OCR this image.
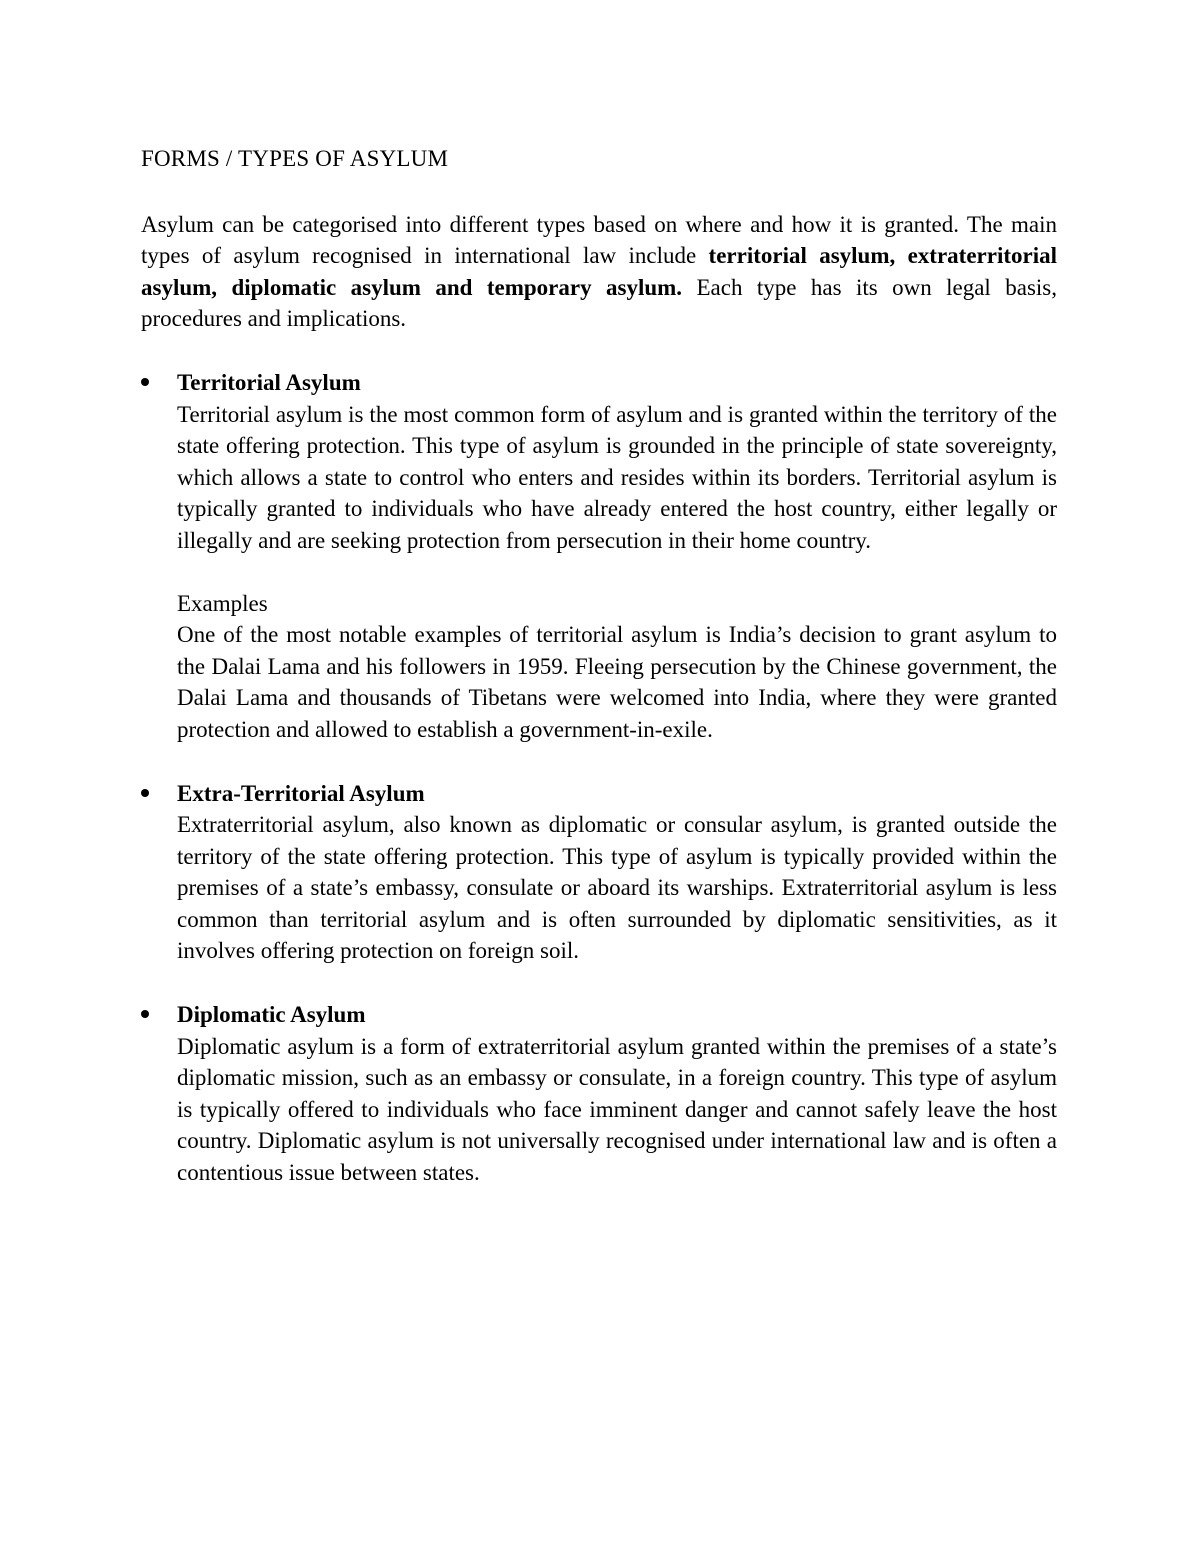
FORMS / TYPES OF ASYLUM

Asylum can be categorised into different types based on where and how it is granted. The main types of asylum recognised in international law include territorial asylum, extraterritorial asylum, diplomatic asylum and temporary asylum. Each type has its own legal basis, procedures and implications.

Territorial Asylum

Territorial asylum is the most common form of asylum and is granted within the territory of the state offering protection. This type of asylum is grounded in the principle of state sovereignty, which allows a state to control who enters and resides within its borders. Territorial asylum is typically granted to individuals who have already entered the host country, either legally or illegally and are seeking protection from persecution in their home country.

Examples

One of the most notable examples of territorial asylum is India’s decision to grant asylum to the Dalai Lama and his followers in 1959. Fleeing persecution by the Chinese government, the Dalai Lama and thousands of Tibetans were welcomed into India, where they were granted protection and allowed to establish a government-in-exile.

Extra-Territorial Asylum

Extraterritorial asylum, also known as diplomatic or consular asylum, is granted outside the territory of the state offering protection. This type of asylum is typically provided within the premises of a state’s embassy, consulate or aboard its warships. Extraterritorial asylum is less common than territorial asylum and is often surrounded by diplomatic sensitivities, as it involves offering protection on foreign soil.

Diplomatic Asylum

Diplomatic asylum is a form of extraterritorial asylum granted within the premises of a state’s diplomatic mission, such as an embassy or consulate, in a foreign country. This type of asylum is typically offered to individuals who face imminent danger and cannot safely leave the host country. Diplomatic asylum is not universally recognised under international law and is often a contentious issue between states.
